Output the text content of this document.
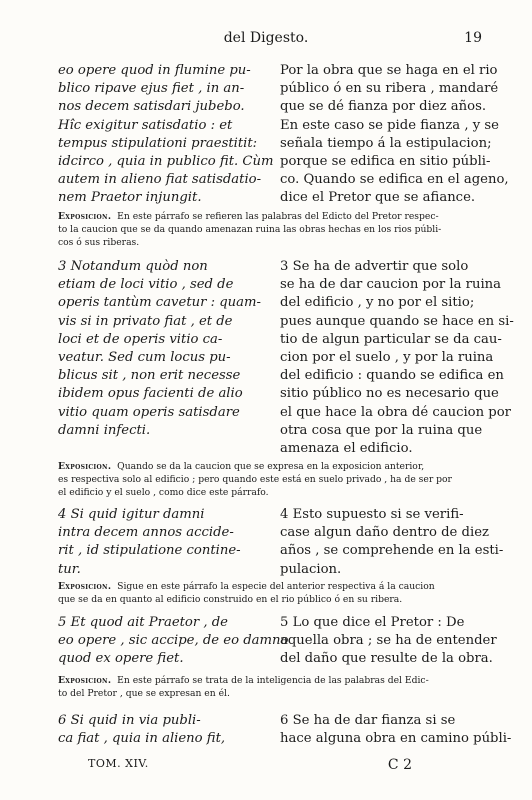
del Digesto.	19
eo opere quod in flumine pu-
blico ripave ejus fiet , in an-
nos decem satisdari jubebo.
Hîc exigitur satisdatio : et
tempus stipulationi praestitit:
idcirco , quia in publico fit. Cùm
autem in alieno fiat satisdatio-
nem Praetor injungit.
Por la obra que se haga en el rio
público ó en su ribera , mandaré
que se dé fianza por diez años.
En este caso se pide fianza , y se
señala tiempo á la estipulacion;
porque se edifica en sitio públi-
co. Quando se edifica en el ageno,
dice el Pretor que se afiance.
Exposicion. En este párrafo se refieren las palabras del Edicto del Pretor respec-
to la caucion que se da quando amenazan ruina las obras hechas en los rios públi-
cos ó sus riberas.
3 Notandum quòd non
etiam de loci vitio , sed de
operis tantùm cavetur : quam-
vis si in privato fiat , et de
loci et de operis vitio ca-
veatur. Sed cum locus pu-
blicus sit , non erit necesse
ibidem opus facienti de alio
vitio quam operis satisdare
damni infecti.
3 Se ha de advertir que solo
se ha de dar caucion por la ruina
del edificio , y no por el sitio;
pues aunque quando se hace en si-
tio de algun particular se da cau-
cion por el suelo , y por la ruina
del edificio : quando se edifica en
sitio público no es necesario que
el que hace la obra dé caucion por
otra cosa que por la ruina que
amenaza el edificio.
Exposicion. Quando se da la caucion que se expresa en la exposicion anterior,
es respectiva solo al edificio ; pero quando este está en suelo privado , ha de ser por
el edificio y el suelo , como dice este párrafo.
4 Si quid igitur damni
intra decem annos accide-
rit , id stipulatione contine-
tur.
4 Esto supuesto si se verifi-
case algun daño dentro de diez
años , se comprehende en la esti-
pulacion.
Exposicion. Sigue en este párrafo la especie del anterior respectiva á la caucion
que se da en quanto al edificio construido en el rio público ó en su ribera.
5 Et quod ait Praetor , de
eo opere , sic accipe, de eo damno
quod ex opere fiet.
5 Lo que dice el Pretor : De
aquella obra ; se ha de entender
del daño que resulte de la obra.
Exposicion. En este párrafo se trata de la inteligencia de las palabras del Edic-
to del Pretor , que se expresan en él.
6 Si quid in via publi-
ca fiat , quia in alieno fit,
6 Se ha de dar fianza si se
hace alguna obra en camino públi-
TOM. XIV.	C 2
